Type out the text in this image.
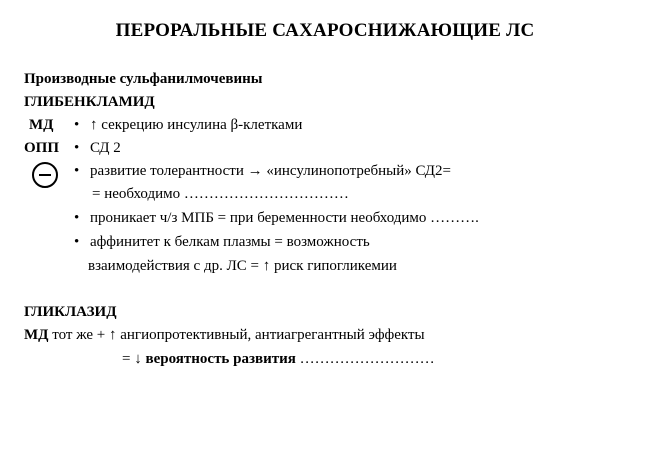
ПЕРОРАЛЬНЫЕ САХАРОСНИЖАЮЩИЕ ЛС
Производные сульфанилмочевины
ГЛИБЕНКЛАМИД
МД • ↑ секрецию инсулина β-клетками
ОПП • СД 2
• развитие толерантности → «инсулинопотребный» СД2=
= необходимо ……………………………
• проникает ч/з МПБ = при беременности необходимо ……….
• аффинитет к белкам плазмы = возможность
взаимодействия с др. ЛС = ↑ риск гипогликемии
ГЛИКЛАЗИД
МД тот же + ↑ ангиопротективный, антиагрегантный эффекты
= ↓ вероятность развития ………………………
